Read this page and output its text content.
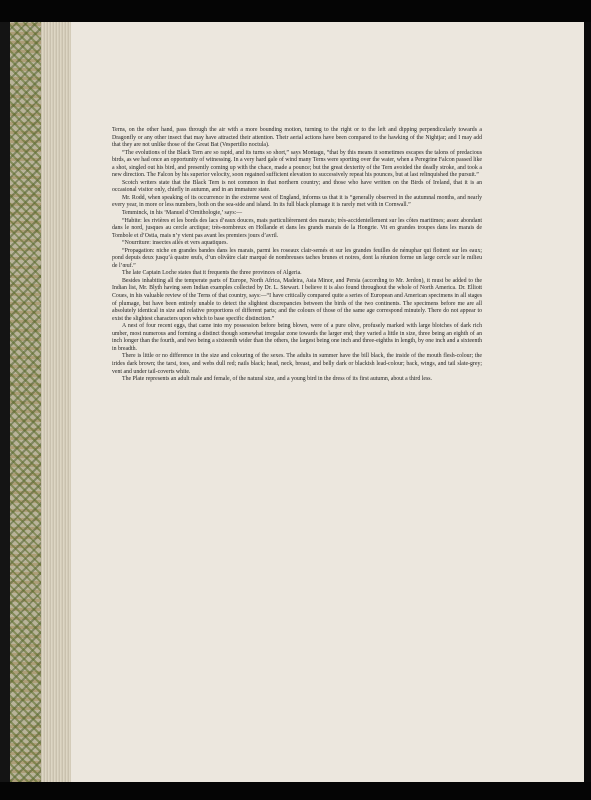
Terns, on the other hand, pass through the air with a more bounding motion, turning to the right or to the left and dipping perpendicularly towards a Dragonfly or any other insect that may have attracted their attention. Their aerial actions have been compared to the hawking of the Nightjar; and I may add that they are not unlike those of the Great Bat (Vespertilio noctula).

“The evolutions of the Black Tern are so rapid, and its turns so short,” says Montagu, “that by this means it sometimes escapes the talons of predacious birds, as we had once an opportunity of witnessing. In a very hard gale of wind many Terns were sporting over the water, when a Peregrine Falcon passed like a shot, singled out his bird, and presently coming up with the chace, made a pounce; but the great dexterity of the Tern avoided the deadly stroke, and took a new direction. The Falcon by his superior velocity, soon regained sufficient elevation to successively repeat his pounces, but at last relinquished the pursuit.”

Scotch writers state that the Black Tern is not common in that northern country; and those who have written on the Birds of Ireland, that it is an occasional visitor only, chiefly in autumn, and in an immature state.

Mr. Rodd, when speaking of its occurrence in the extreme west of England, informs us that it is “generally observed in the autumnal months, and nearly every year, in more or less numbers, both on the sea-side and island. In its full black plumage it is rarely met with in Cornwall.”

Temminck, in his ‘Manuel d’Ornithologie,’ says:—

“Habite: les rivières et les bords des lacs d’eaux douces, mais particulièrement des marais; très-accidentellement sur les côtes maritimes; assez abondant dans le nord, jusques au cercle arctique; très-nombreux en Hollande et dans les grands marais de la Hongrie. Vit en grandes troupes dans les marais de Tombole et d’Ostia, mais n’y vient pas avant les premiers jours d’avril.

“Nourriture: insectes ailés et vers aquatiques.

“Propagation: niche en grandes bandes dans les marais, parmi les roseaux clair-semés et sur les grandes feuilles de nénuphar qui flottent sur les eaux; pond depuis deux jusqu’à quatre œufs, d’un olivâtre clair marqué de nombreuses taches brunes et noires, dont la réunion forme un large cercle sur le milieu de l’œuf.”

The late Captain Loche states that it frequents the three provinces of Algeria.

Besides inhabiting all the temperate parts of Europe, North Africa, Madeira, Asia Minor, and Persia (according to Mr. Jerdon), it must be added to the Indian list, Mr. Blyth having seen Indian examples collected by Dr. L. Stewart. I believe it is also found throughout the whole of North America. Dr. Elliott Coues, in his valuable review of the Terns of that country, says:—“I have critically compared quite a series of European and American specimens in all stages of plumage, but have been entirely unable to detect the slightest discrepancies between the birds of the two continents. The specimens before me are all absolutely identical in size and relative proportions of different parts; and the colours of those of the same age correspond minutely. There do not appear to exist the slightest characters upon which to base specific distinction.”

A nest of four recent eggs, that came into my possession before being blown, were of a pure olive, profusely marked with large blotches of dark rich umber, most numerous and forming a distinct though somewhat irregular zone towards the larger end; they varied a little in size, three being an eighth of an inch longer than the fourth, and two being a sixteenth wider than the others, the largest being one inch and three-eighths in length, by one inch and a sixteenth in breadth.

There is little or no difference in the size and colouring of the sexes. The adults in summer have the bill black, the inside of the mouth flesh-colour; the irides dark brown; the tarsi, toes, and webs dull red; nails black; head, neck, breast, and belly dark or blackish lead-colour; back, wings, and tail slate-grey; vent and under tail-coverts white.

The Plate represents an adult male and female, of the natural size, and a young bird in the dress of its first autumn, about a third less.
